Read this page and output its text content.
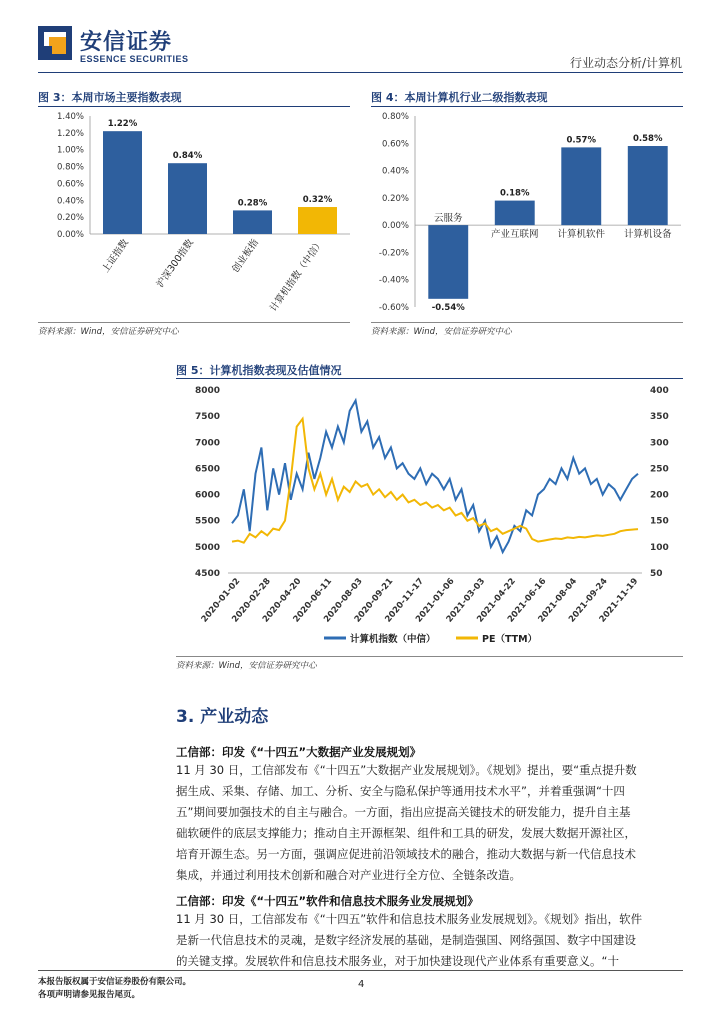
安信证券
ESSENCE SECURITIES	行业动态分析/计算机
图 3：本周市场主要指数表现
0.00%
0.20%
0.40%
0.60%
0.80%
1.00%
1.20%
1.40%
1.22%
上证指数
0.84%
沪深300指数
0.28%
创业板指
0.32%
计算机指数（中信）
资料来源：Wind，安信证券研究中心
图 4：本周计算机行业二级指数表现
-0.60%
-0.40%
-0.20%
0.00%
0.20%
0.40%
0.60%
0.80%
-0.54%
云服务
0.18%
产业互联网
0.57%
计算机软件
0.58%
计算机设备
资料来源：Wind，安信证券研究中心
图 5：计算机指数表现及估值情况
4500
5000
5500
6000
6500
7000
7500
8000
50
100
150
200
250
300
350
400
2020-01-02
2020-02-28
2020-04-20
2020-06-11
2020-08-03
2020-09-21
2020-11-17
2021-01-06
2021-03-03
2021-04-22
2021-06-16
2021-08-04
2021-09-24
2021-11-19
计算机指数（中信）	PE（TTM）
资料来源：Wind，安信证券研究中心
3. 产业动态
工信部：印发《“十四五”大数据产业发展规划》
11 月 30 日，工信部发布《“十四五”大数据产业发展规划》。《规划》提出，要“重点提升数
据生成、采集、存储、加工、分析、安全与隐私保护等通用技术水平”，并着重强调“十四
五”期间要加强技术的自主与融合。一方面，指出应提高关键技术的研发能力，提升自主基
础软硬件的底层支撑能力；推动自主开源框架、组件和工具的研发，发展大数据开源社区，
培育开源生态。另一方面，强调应促进前沿领域技术的融合，推动大数据与新一代信息技术
集成，并通过利用技术创新和融合对产业进行全方位、全链条改造。
工信部：印发《“十四五”软件和信息技术服务业发展规划》
11 月 30 日，工信部发布《“十四五”软件和信息技术服务业发展规划》。《规划》指出，软件
是新一代信息技术的灵魂，是数字经济发展的基础，是制造强国、网络强国、数字中国建设
的关键支撑。发展软件和信息技术服务业，对于加快建设现代产业体系有重要意义。“十
本报告版权属于安信证券股份有限公司。
各项声明请参见报告尾页。
4
